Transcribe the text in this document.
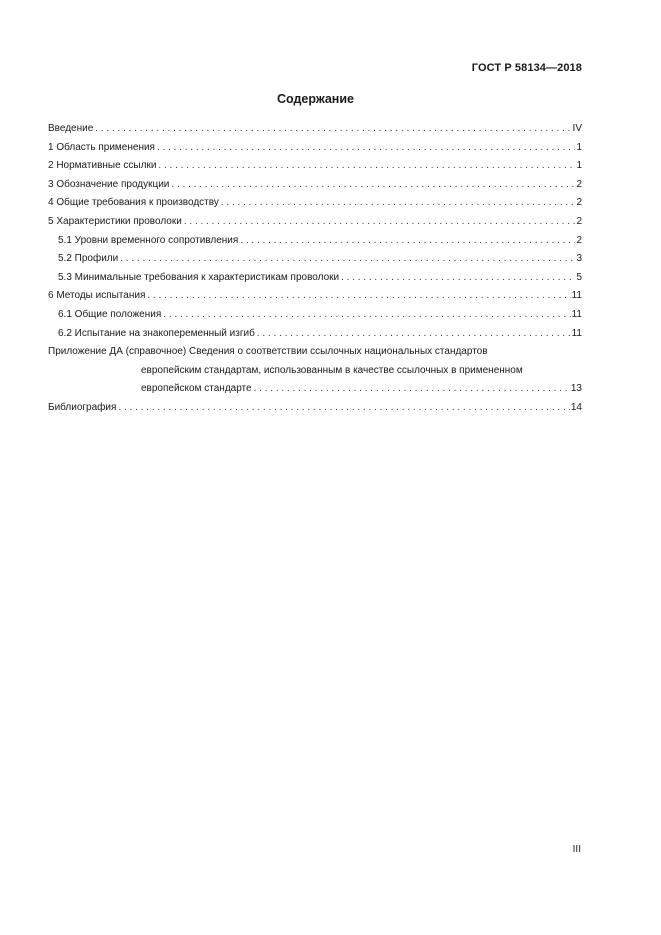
ГОСТ Р 58134—2018
Содержание
Введение . . .	IV
1 Область применения . . .	1
2 Нормативные ссылки . . .	1
3 Обозначение продукции . . .	2
4 Общие требования к производству . . .	2
5 Характеристики проволоки . . .	2
5.1 Уровни временного сопротивления . . .	2
5.2 Профили . . .	3
5.3 Минимальные требования к характеристикам проволоки . . .	5
6 Методы испытания . . .	11
6.1 Общие положения . . .	11
6.2 Испытание на знакопеременный изгиб . . .	11
Приложение ДА (справочное) Сведения о соответствии ссылочных национальных стандартов
европейским стандартам, использованным в качестве ссылочных в примененном
европейском стандарте . . .	13
Библиография . . .	14
III
